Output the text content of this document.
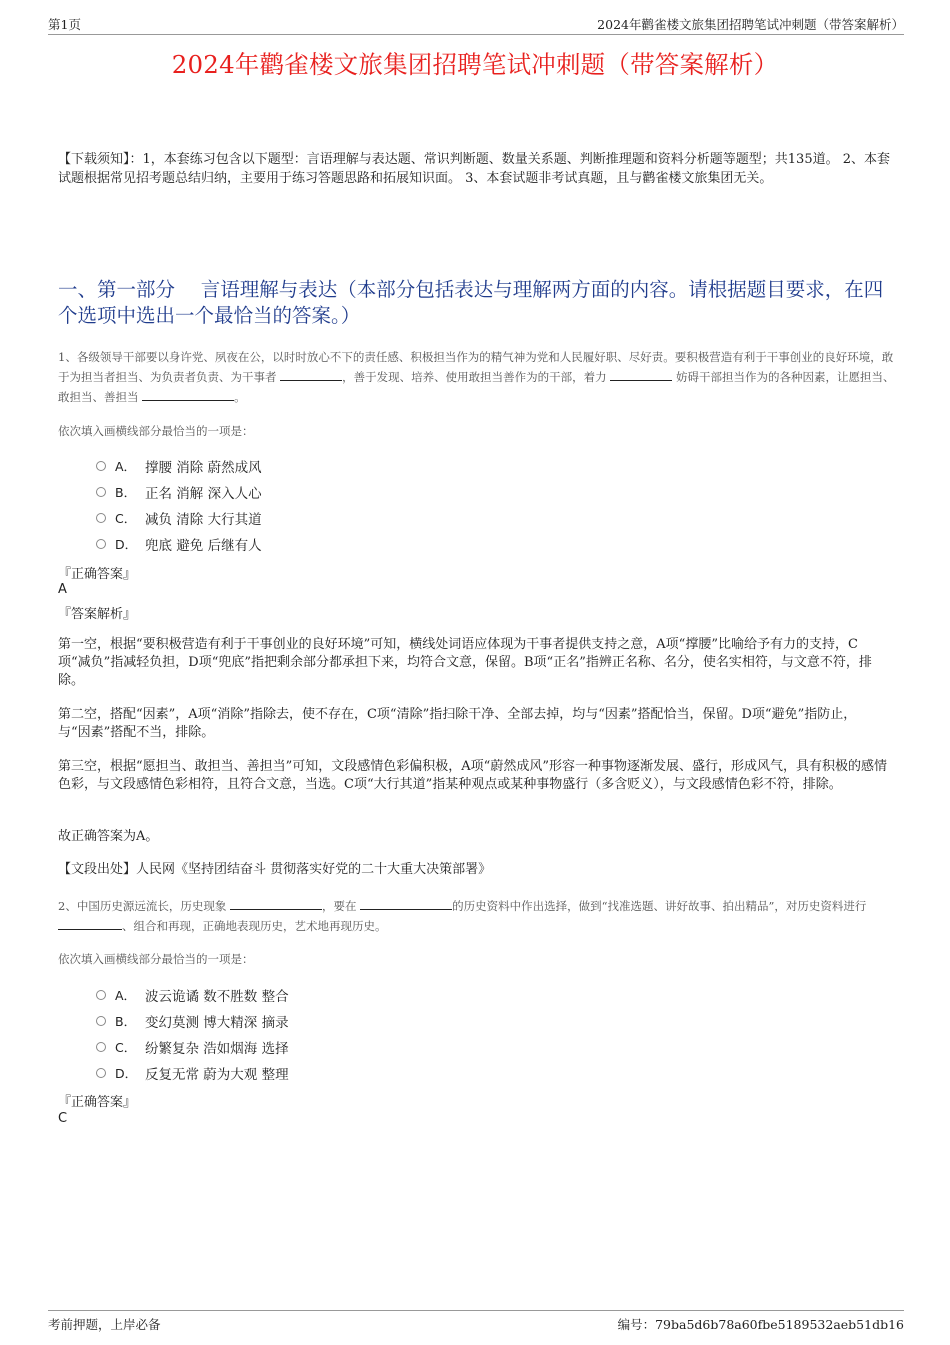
第1页	2024年鹳雀楼文旅集团招聘笔试冲刺题（带答案解析）
2024年鹳雀楼文旅集团招聘笔试冲刺题（带答案解析）

【下载须知】：1，本套练习包含以下题型：言语理解与表达题、常识判断题、数量关系题、判断推理题和资料分析题等题型；共135道。 2、本套试题根据常见招考题总结归纳，主要用于练习答题思路和拓展知识面。 3、本套试题非考试真题，且与鹳雀楼文旅集团无关。

一、第一部分　 言语理解与表达（本部分包括表达与理解两方面的内容。请根据题目要求，在四个选项中选出一个最恰当的答案。）

1、各级领导干部要以身许党、夙夜在公，以时时放心不下的责任感、积极担当作为的精气神为党和人民履好职、尽好责。要积极营造有利于干事创业的良好环境，敢于为担当者担当、为负责者负责、为干事者	，善于发现、培养、使用敢担当善作为的干部，着力	妨碍干部担当作为的各种因素，让愿担当、敢担当、善担当	。

依次填入画横线部分最恰当的一项是：

A． 撑腰 消除 蔚然成风
B． 正名 消解 深入人心
C． 减负 清除 大行其道
D． 兜底 避免 后继有人

『正确答案』

A

『答案解析』

第一空，根据“要积极营造有利于干事创业的良好环境”可知，横线处词语应体现为干事者提供支持之意，A项“撑腰”比喻给予有力的支持，C项“减负”指减轻负担，D项“兜底”指把剩余部分都承担下来，均符合文意，保留。B项“正名”指辨正名称、名分，使名实相符，与文意不符，排除。

第二空，搭配“因素”，A项“消除”指除去，使不存在，C项“清除”指扫除干净、全部去掉，均与“因素”搭配恰当，保留。D项“避免”指防止，与“因素”搭配不当，排除。

第三空，根据“愿担当、敢担当、善担当”可知，文段感情色彩偏积极，A项“蔚然成风”形容一种事物逐渐发展、盛行，形成风气，具有积极的感情色彩，与文段感情色彩相符，且符合文意，当选。C项“大行其道”指某种观点或某种事物盛行（多含贬义），与文段感情色彩不符，排除。

故正确答案为A。

【文段出处】人民网《坚持团结奋斗 贯彻落实好党的二十大重大决策部署》

2、中国历史源远流长，历史现象	，要在	的历史资料中作出选择，做到“找准选题、讲好故事、拍出精品”，对历史资料进行 、组合和再现，正确地表现历史，艺术地再现历史。

依次填入画横线部分最恰当的一项是：

A． 波云诡谲 数不胜数 整合
B． 变幻莫测 博大精深 摘录
C． 纷繁复杂 浩如烟海 选择
D． 反复无常 蔚为大观 整理

『正确答案』

C

考前押题，上岸必备	编号：79ba5d6b78a60fbe5189532aeb51db16
